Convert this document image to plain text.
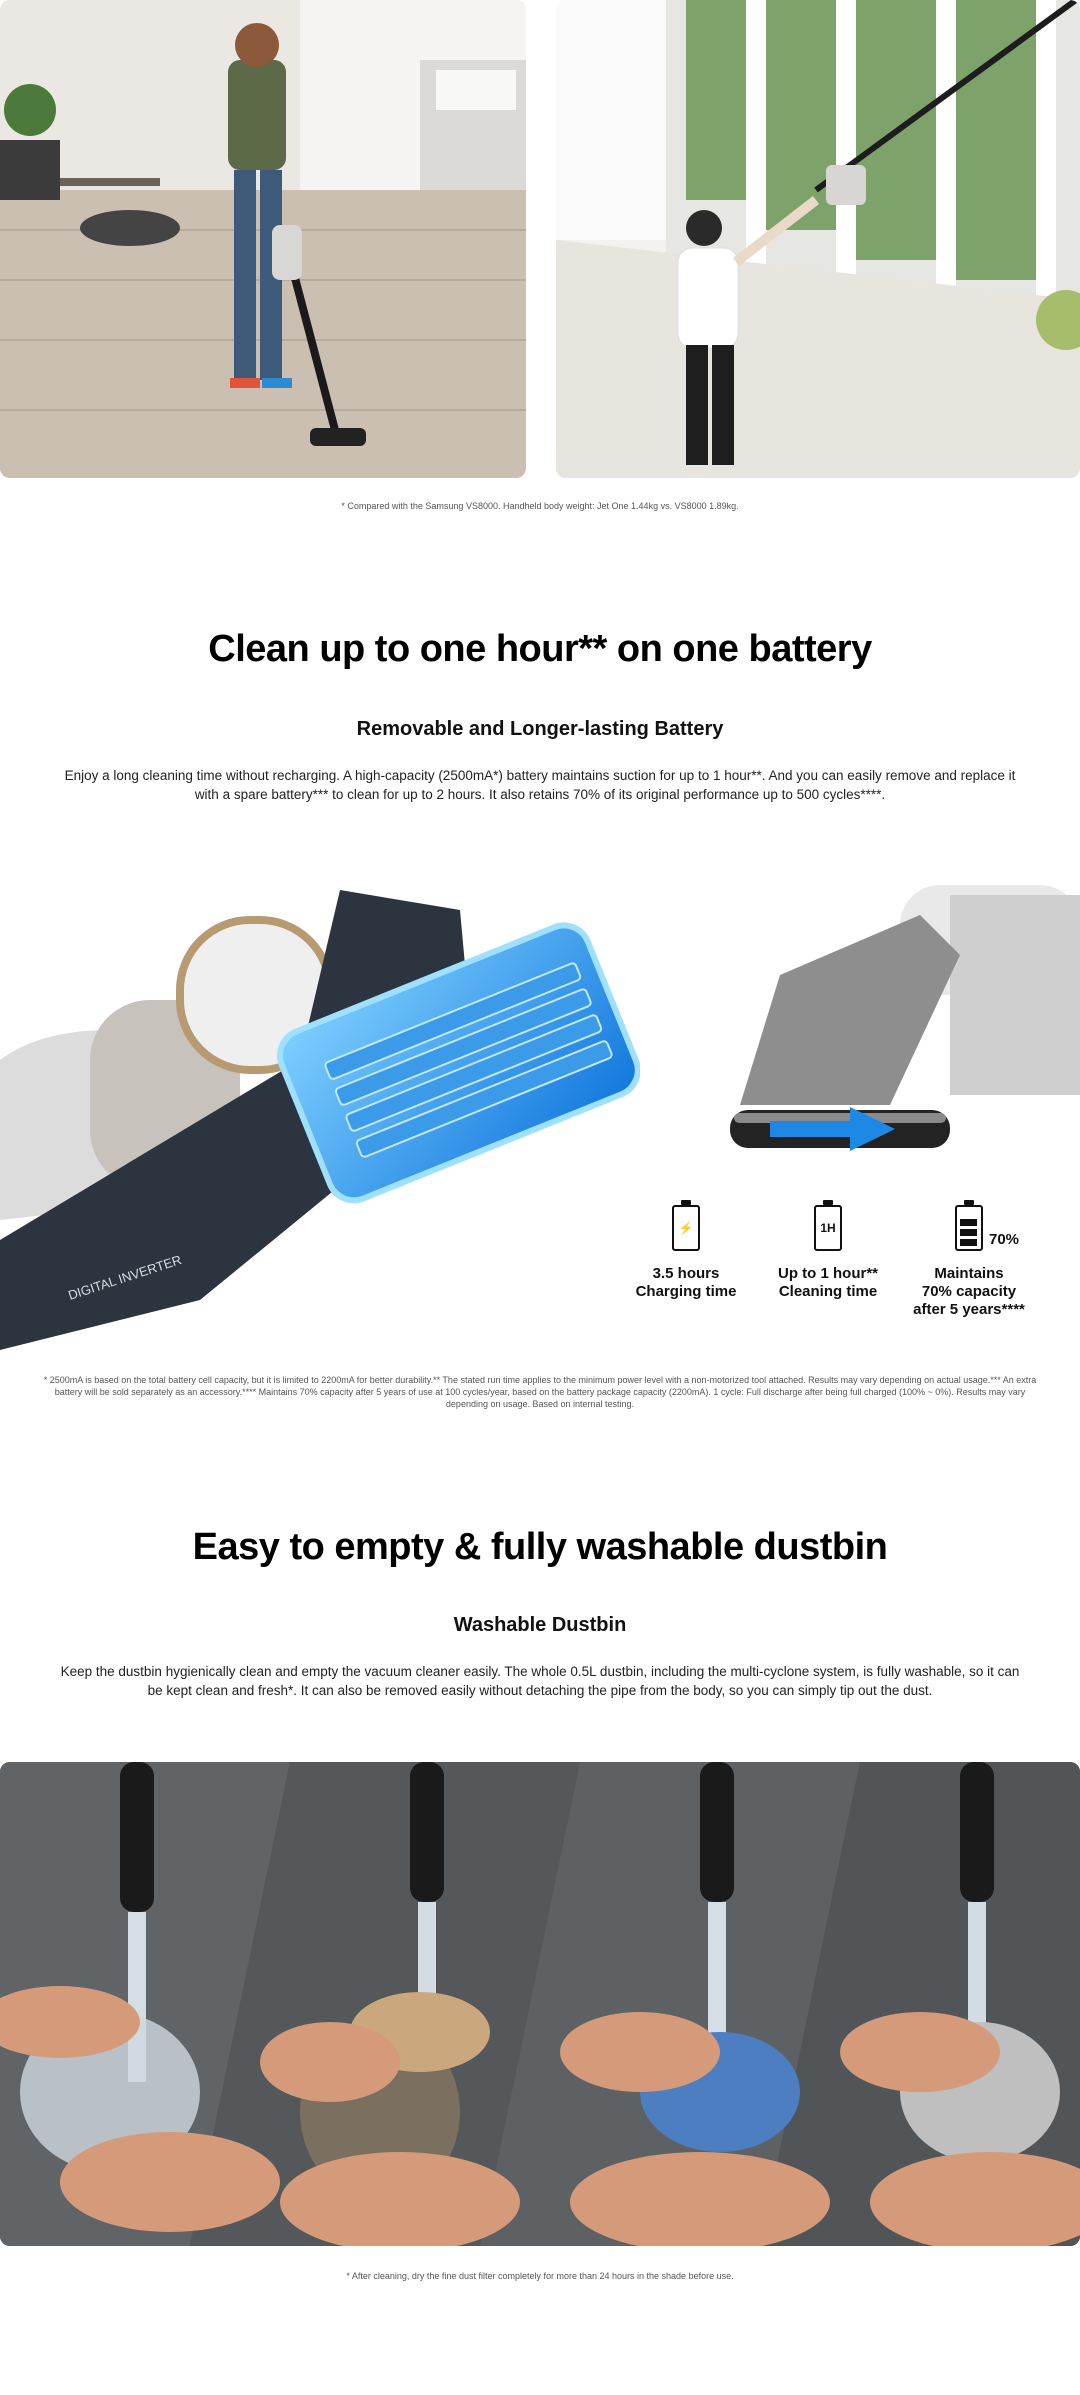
* Compared with the Samsung VS8000. Handheld body weight: Jet One 1.44kg vs. VS8000 1.89kg.
Clean up to one hour** on one battery
Removable and Longer-lasting Battery
Enjoy a long cleaning time without recharging. A high-capacity (2500mA*) battery maintains suction for up to 1 hour**. And you can easily remove and replace it with a spare battery*** to clean for up to 2 hours. It also retains 70% of its original performance up to 500 cycles****.
DIGITAL INVERTER
⚡
3.5 hours
Charging time
1H
Up to 1 hour**
Cleaning time
70%
Maintains
70% capacity
after 5 years****
* 2500mA is based on the total battery cell capacity, but it is limited to 2200mA for better durability.** The stated run time applies to the minimum power level with a non-motorized tool attached. Results may vary depending on actual usage.*** An extra battery will be sold separately as an accessory.**** Maintains 70% capacity after 5 years of use at 100 cycles/year, based on the battery package capacity (2200mA). 1 cycle: Full discharge after being full charged (100% ~ 0%). Results may vary depending on usage. Based on internal testing.
Easy to empty & fully washable dustbin
Washable Dustbin
Keep the dustbin hygienically clean and empty the vacuum cleaner easily. The whole 0.5L dustbin, including the multi-cyclone system, is fully washable, so it can be kept clean and fresh*. It can also be removed easily without detaching the pipe from the body, so you can simply tip out the dust.
* After cleaning, dry the fine dust filter completely for more than 24 hours in the shade before use.
